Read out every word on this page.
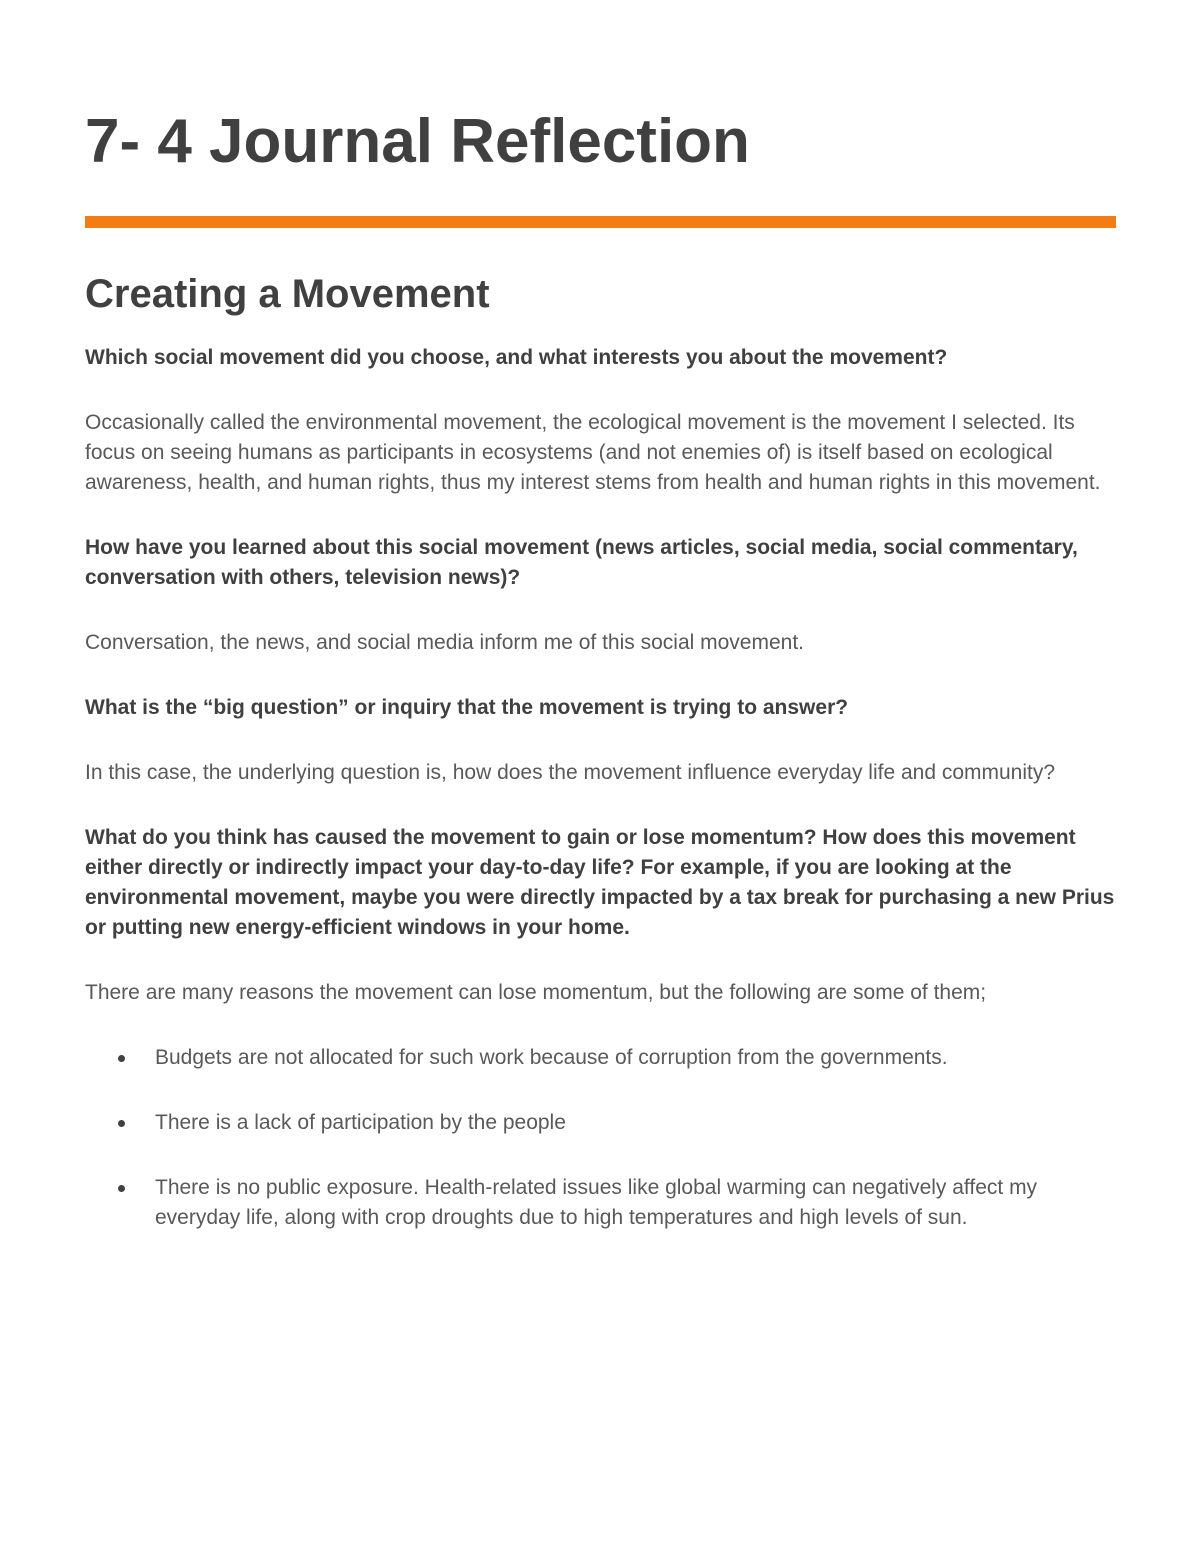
7- 4 Journal Reflection
Creating a Movement

Which social movement did you choose, and what interests you about the movement?

Occasionally called the environmental movement, the ecological movement is the movement I selected. Its focus on seeing humans as participants in ecosystems (and not enemies of) is itself based on ecological awareness, health, and human rights, thus my interest stems from health and human rights in this movement.

How have you learned about this social movement (news articles, social media, social commentary, conversation with others, television news)?

Conversation, the news, and social media inform me of this social movement.

What is the “big question” or inquiry that the movement is trying to answer?

In this case, the underlying question is, how does the movement influence everyday life and community?

What do you think has caused the movement to gain or lose momentum? How does this movement either directly or indirectly impact your day-to-day life? For example, if you are looking at the environmental movement, maybe you were directly impacted by a tax break for purchasing a new Prius or putting new energy-efficient windows in your home.

There are many reasons the movement can lose momentum, but the following are some of them;

Budgets are not allocated for such work because of corruption from the governments.
There is a lack of participation by the people
There is no public exposure. Health-related issues like global warming can negatively affect my everyday life, along with crop droughts due to high temperatures and high levels of sun.
